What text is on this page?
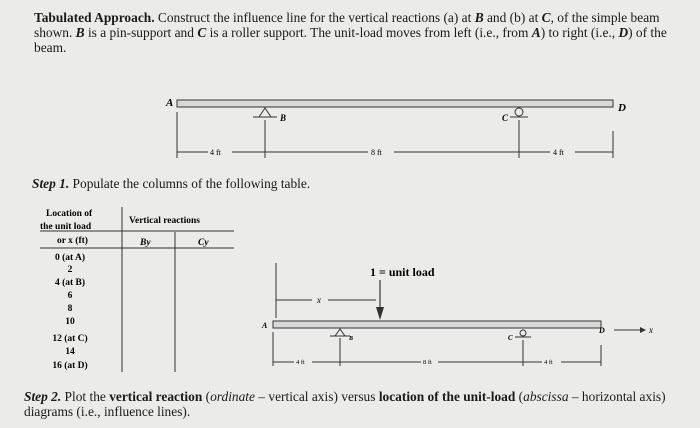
Tabulated Approach. Construct the influence line for the vertical reactions (a) at B and (b) at C, of the simple beam shown. B is a pin-support and C is a roller support. The unit-load moves from left (i.e., from A) to right (i.e., D) of the beam.
A	D
B	C
4 ft	8 ft	4 ft
Location of
the unit load
or x (ft)
Vertical reactions
By	Cy
0 (at A)
2
4 (at B)
6
8
10
12 (at C)
14
16 (at D)
1 = unit load
x
A
D	x
B	C
4 ft	8 ft	4 ft
Step 1. Populate the columns of the following table.
Step 2. Plot the vertical reaction (ordinate – vertical axis) versus location of the unit-load (abscissa – horizontal axis) diagrams (i.e., influence lines).
